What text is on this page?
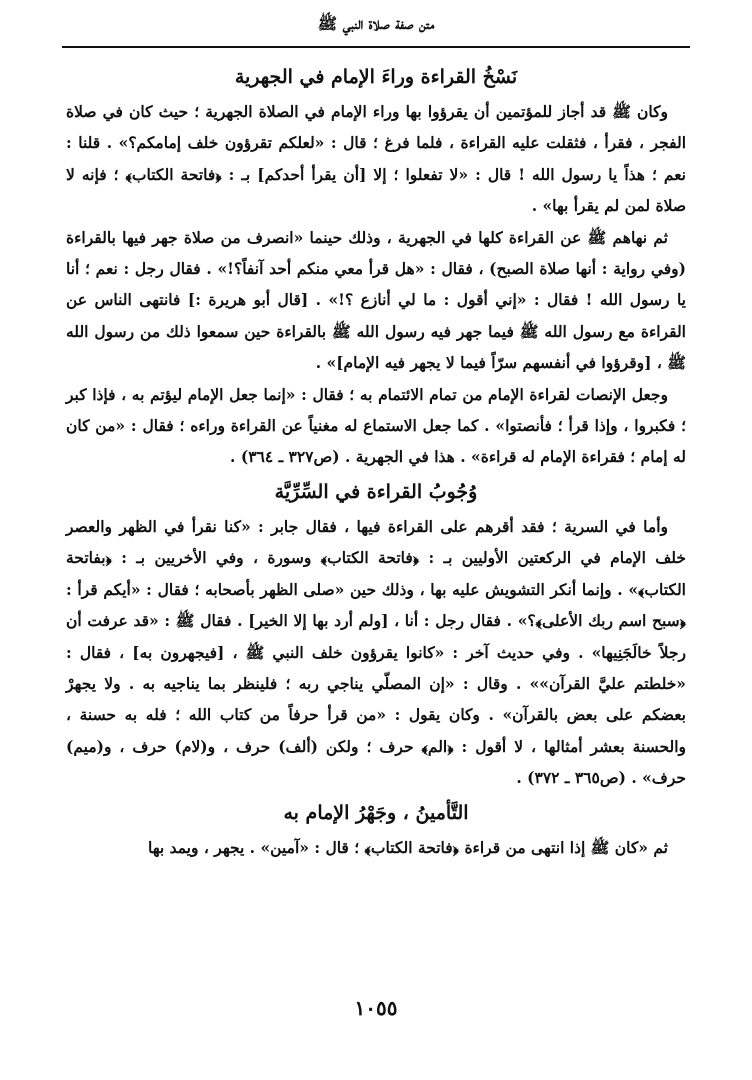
متن صفة صلاة النبي ﷺ
نَسْخُ القراءة وراءَ الإمام في الجهرية

وكان ﷺ قد أجاز للمؤتمين أن يقرؤوا بها وراء الإمام في الصلاة الجهرية ؛ حيث كان في صلاة الفجر ، فقرأ ، فثقلت عليه القراءة ، فلما فرغ ؛ قال : «لعلكم تقرؤون خلف إمامكم؟» . قلنا : نعم ؛ هذاً يا رسول الله ! قال : «لا تفعلوا ؛ إلا [أن يقرأ أحدكم] بـ : ﴿فاتحة الكتاب﴾ ؛ فإنه لا صلاة لمن لم يقرأ بها» .

ثم نهاهم ﷺ عن القراءة كلها في الجهرية ، وذلك حينما «انصرف من صلاة جهر فيها بالقراءة (وفي رواية : أنها صلاة الصبح) ، فقال : «هل قرأ معي منكم أحد آنفاً؟!» . فقال رجل : نعم ؛ أنا يا رسول الله ! فقال : «إني أقول : ما لي أنازع ؟!» . [قال أبو هريرة :] فانتهى الناس عن القراءة مع رسول الله ﷺ فيما جهر فيه رسول الله ﷺ بالقراءة حين سمعوا ذلك من رسول الله ﷺ ، [وقرؤوا في أنفسهم سرّاً فيما لا يجهر فيه الإمام]» .

وجعل الإنصات لقراءة الإمام من تمام الائتمام به ؛ فقال : «إنما جعل الإمام ليؤتم به ، فإذا كبر ؛ فكبروا ، وإذا قرأ ؛ فأنصتوا» . كما جعل الاستماع له مغنياً عن القراءة وراءه ؛ فقال : «من كان له إمام ؛ فقراءة الإمام له قراءة» . هذا في الجهرية . (ص٣٢٧ ـ ٣٦٤) .

وُجُوبُ القراءة في السِّرِّيَّة

وأما في السرية ؛ فقد أقرهم على القراءة فيها ، فقال جابر : «كنا نقرأ في الظهر والعصر خلف الإمام في الركعتين الأوليين بـ : ﴿فاتحة الكتاب﴾ وسورة ، وفي الأخريين بـ : ﴿بفاتحة الكتاب﴾» . وإنما أنكر التشويش عليه بها ، وذلك حين «صلى الظهر بأصحابه ؛ فقال : «أيكم قرأ : ﴿سبح اسم ربك الأعلى﴾؟» . فقال رجل : أنا ، [ولم أرد بها إلا الخير] . فقال ﷺ : «قد عرفت أن رجلاً خالَجَنِيها» . وفي حديث آخر : «كانوا يقرؤون خلف النبي ﷺ ، [فيجهرون به] ، فقال : «خلطتم عليَّ القرآن»» . وقال : «إن المصلّي يناجي ربه ؛ فلينظر بما يناجيه به . ولا يجهرْ بعضكم على بعض بالقرآن» . وكان يقول : «من قرأ حرفاً من كتاب الله ؛ فله به حسنة ، والحسنة بعشر أمثالها ، لا أقول : ﴿الم﴾ حرف ؛ ولكن (ألف) حرف ، و(لام) حرف ، و(ميم) حرف» . (ص٣٦٥ ـ ٣٧٢) .

التَّأمينُ ، وجَهْرُ الإمام به

ثم «كان ﷺ إذا انتهى من قراءة ﴿فاتحة الكتاب﴾ ؛ قال : «آمين» . يجهر ، ويمد بها

١٠٥٥
